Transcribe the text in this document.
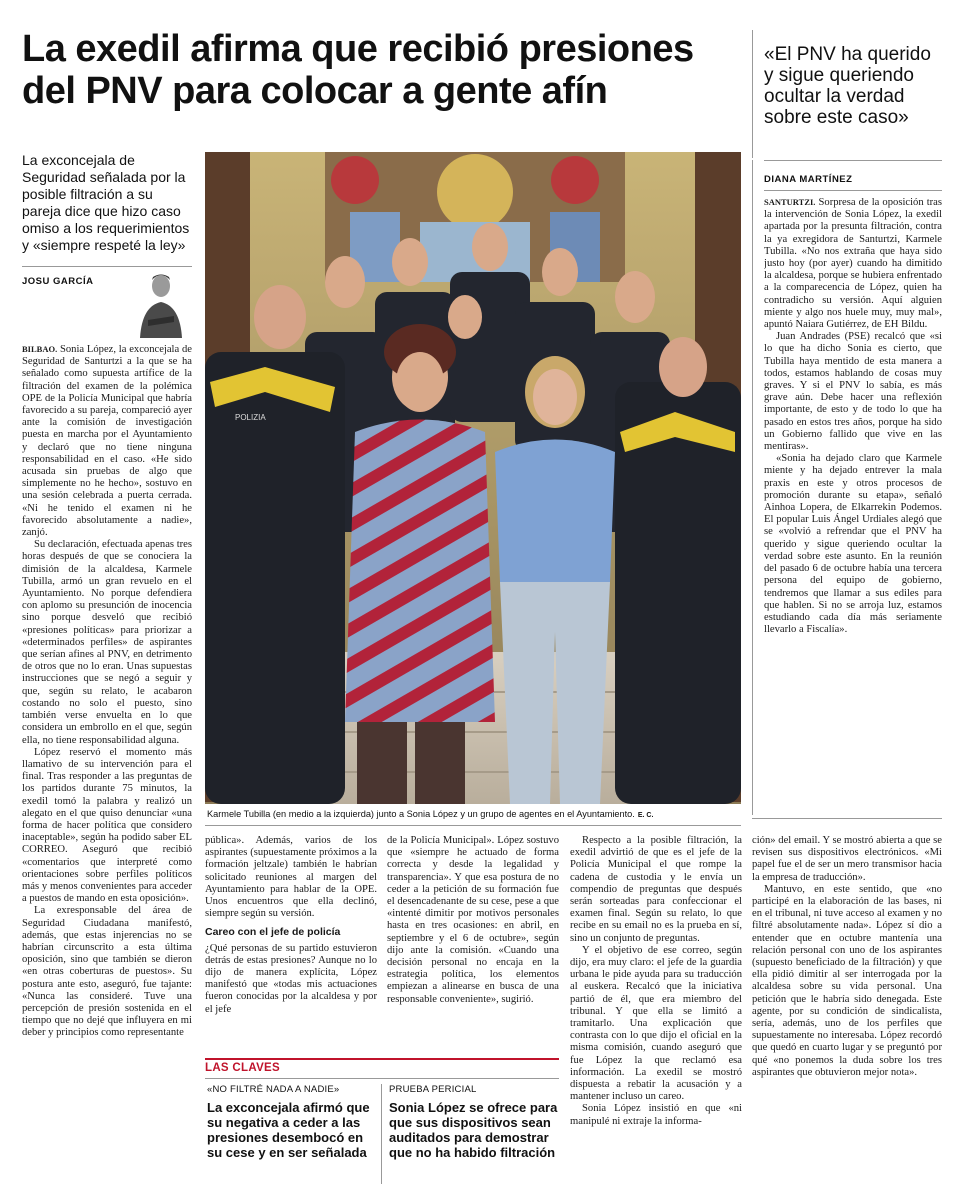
La exedil afirma que recibió presiones del PNV para colocar a gente afín
«El PNV ha querido y sigue queriendo ocultar la verdad sobre este caso»
La exconcejala de Seguridad señalada por la posible filtración a su pareja dice que hizo caso omiso a los requerimientos y «siempre respeté la ley»
JOSU GARCÍA

BILBAO. Sonia López, la exconcejala de Seguridad de Santurtzi a la que se ha señalado como supuesta artífice de la filtración del examen de la polémica OPE de la Policía Municipal que habría favorecido a su pareja, compareció ayer ante la comisión de investigación puesta en marcha por el Ayuntamiento y declaró que no tiene ninguna responsabilidad en el caso. «He sido acusada sin pruebas de algo que simplemente no he hecho», sostuvo en una sesión celebrada a puerta cerrada. «Ni he tenido el examen ni he favorecido absolutamente a nadie», zanjó.

Su declaración, efectuada apenas tres horas después de que se conociera la dimisión de la alcaldesa, Karmele Tubilla, armó un gran revuelo en el Ayuntamiento. No porque defendiera con aplomo su presunción de inocencia sino porque desveló que recibió «presiones políticas» para priorizar a «determinados perfiles» de aspirantes que serían afines al PNV, en detrimento de otros que no lo eran. Unas supuestas instrucciones que se negó a seguir y que, según su relato, le acabaron costando no solo el puesto, sino también verse envuelta en lo que considera un embrollo en el que, según ella, no tiene responsabilidad alguna.

López reservó el momento más llamativo de su intervención para el final. Tras responder a las preguntas de los partidos durante 75 minutos, la exedil tomó la palabra y realizó un alegato en el que quiso denunciar «una forma de hacer política que considero inaceptable», según ha podido saber EL CORREO. Aseguró que recibió «comentarios que interpreté como orientaciones sobre perfiles políticos más y menos convenientes para acceder a puestos de mando en esta oposición».

La exresponsable del área de Seguridad Ciudadana manifestó, además, que estas injerencias no se habrían circunscrito a esta última oposición, sino que también se dieron «en otras coberturas de puestos». Su postura ante esto, aseguró, fue tajante: «Nunca las consideré. Tuve una percepción de presión sostenida en el tiempo que no dejé que influyera en mi deber y principios como representante

POLIZIA
Karmele Tubilla (en medio a la izquierda) junto a Sonia López y un grupo de agentes en el Ayuntamiento. E. C.

pública». Además, varios de los aspirantes (supuestamente próximos a la formación jeltzale) también le habrían solicitado reuniones al margen del Ayuntamiento para hablar de la OPE. Unos encuentros que ella declinó, siempre según su versión.

Careo con el jefe de policía

¿Qué personas de su partido estuvieron detrás de estas presiones? Aunque no lo dijo de manera explícita, López manifestó que «todas mis actuaciones fueron conocidas por la alcaldesa y por el jefe

de la Policía Municipal». López sostuvo que «siempre he actuado de forma correcta y desde la legalidad y transparencia». Y que esa postura de no ceder a la petición de su formación fue el desencadenante de su cese, pese a que «intenté dimitir por motivos personales hasta en tres ocasiones: en abril, en septiembre y el 6 de octubre», según dijo ante la comisión. «Cuando una decisión personal no encaja en la estrategia política, los elementos empiezan a alinearse en busca de una responsable conveniente», sugirió.

Respecto a la posible filtración, la exedil advirtió de que es el jefe de la Policía Municipal el que rompe la cadena de custodia y le envía un compendio de preguntas que después serán sorteadas para confeccionar el examen final. Según su relato, lo que recibe en su email no es la prueba en sí, sino un conjunto de preguntas.

Y el objetivo de ese correo, según dijo, era muy claro: el jefe de la guardia urbana le pide ayuda para su traducción al euskera. Recalcó que la iniciativa partió de él, que era miembro del tribunal. Y que ella se limitó a tramitarlo. Una explicación que contrasta con lo que dijo el oficial en la misma comisión, cuando aseguró que fue López la que reclamó esa información. La exedil se mostró dispuesta a rebatir la acusación y a mantener incluso un careo.

Sonia López insistió en que «ni manipulé ni extraje la informa-

ción» del email. Y se mostró abierta a que se revisen sus dispositivos electrónicos. «Mi papel fue el de ser un mero transmisor hacia la empresa de traducción».

Mantuvo, en este sentido, que «no participé en la elaboración de las bases, ni en el tribunal, ni tuve acceso al examen y no filtré absolutamente nada». López sí dio a entender que en octubre mantenía una relación personal con uno de los aspirantes (supuesto beneficiado de la filtración) y que ella pidió dimitir al ser interrogada por la alcaldesa sobre su vida personal. Una petición que le habría sido denegada. Este agente, por su condición de sindicalista, sería, además, uno de los perfiles que supuestamente no interesaba. López recordó que quedó en cuarto lugar y se preguntó por qué «no ponemos la duda sobre los tres aspirantes que obtuvieron mejor nota».

LAS CLAVES
«NO FILTRÉ NADA A NADIE»
La exconcejala afirmó que su negativa a ceder a las presiones desembocó en su cese y en ser señalada
PRUEBA PERICIAL
Sonia López se ofrece para que sus dispositivos sean auditados para demostrar que no ha habido filtración
DIANA MARTÍNEZ

SANTURTZI. Sorpresa de la oposición tras la intervención de Sonia López, la exedil apartada por la presunta filtración, contra la ya exregidora de Santurtzi, Karmele Tubilla. «No nos extraña que haya sido justo hoy (por ayer) cuando ha dimitido la alcaldesa, porque se hubiera enfrentado a la comparecencia de López, quien ha contradicho su versión. Aquí alguien miente y algo nos huele muy, muy mal», apuntó Naiara Gutiérrez, de EH Bildu.

Juan Andrades (PSE) recalcó que «si lo que ha dicho Sonia es cierto, que Tubilla haya mentido de esta manera a todos, estamos hablando de cosas muy graves. Y si el PNV lo sabía, es más grave aún. Debe hacer una reflexión importante, de esto y de todo lo que ha pasado en estos tres años, porque ha sido un Gobierno fallido que vive en las mentiras».

«Sonia ha dejado claro que Karmele miente y ha dejado entrever la mala praxis en este y otros procesos de promoción durante su etapa», señaló Ainhoa Lopera, de Elkarrekin Podemos. El popular Luis Ángel Urdiales alegó que se «volvió a refrendar que el PNV ha querido y sigue queriendo ocultar la verdad sobre este asunto. En la reunión del pasado 6 de octubre había una tercera persona del equipo de gobierno, tendremos que llamar a sus ediles para que hablen. Si no se arroja luz, estamos estudiando cada día más seriamente llevarlo a Fiscalía».
